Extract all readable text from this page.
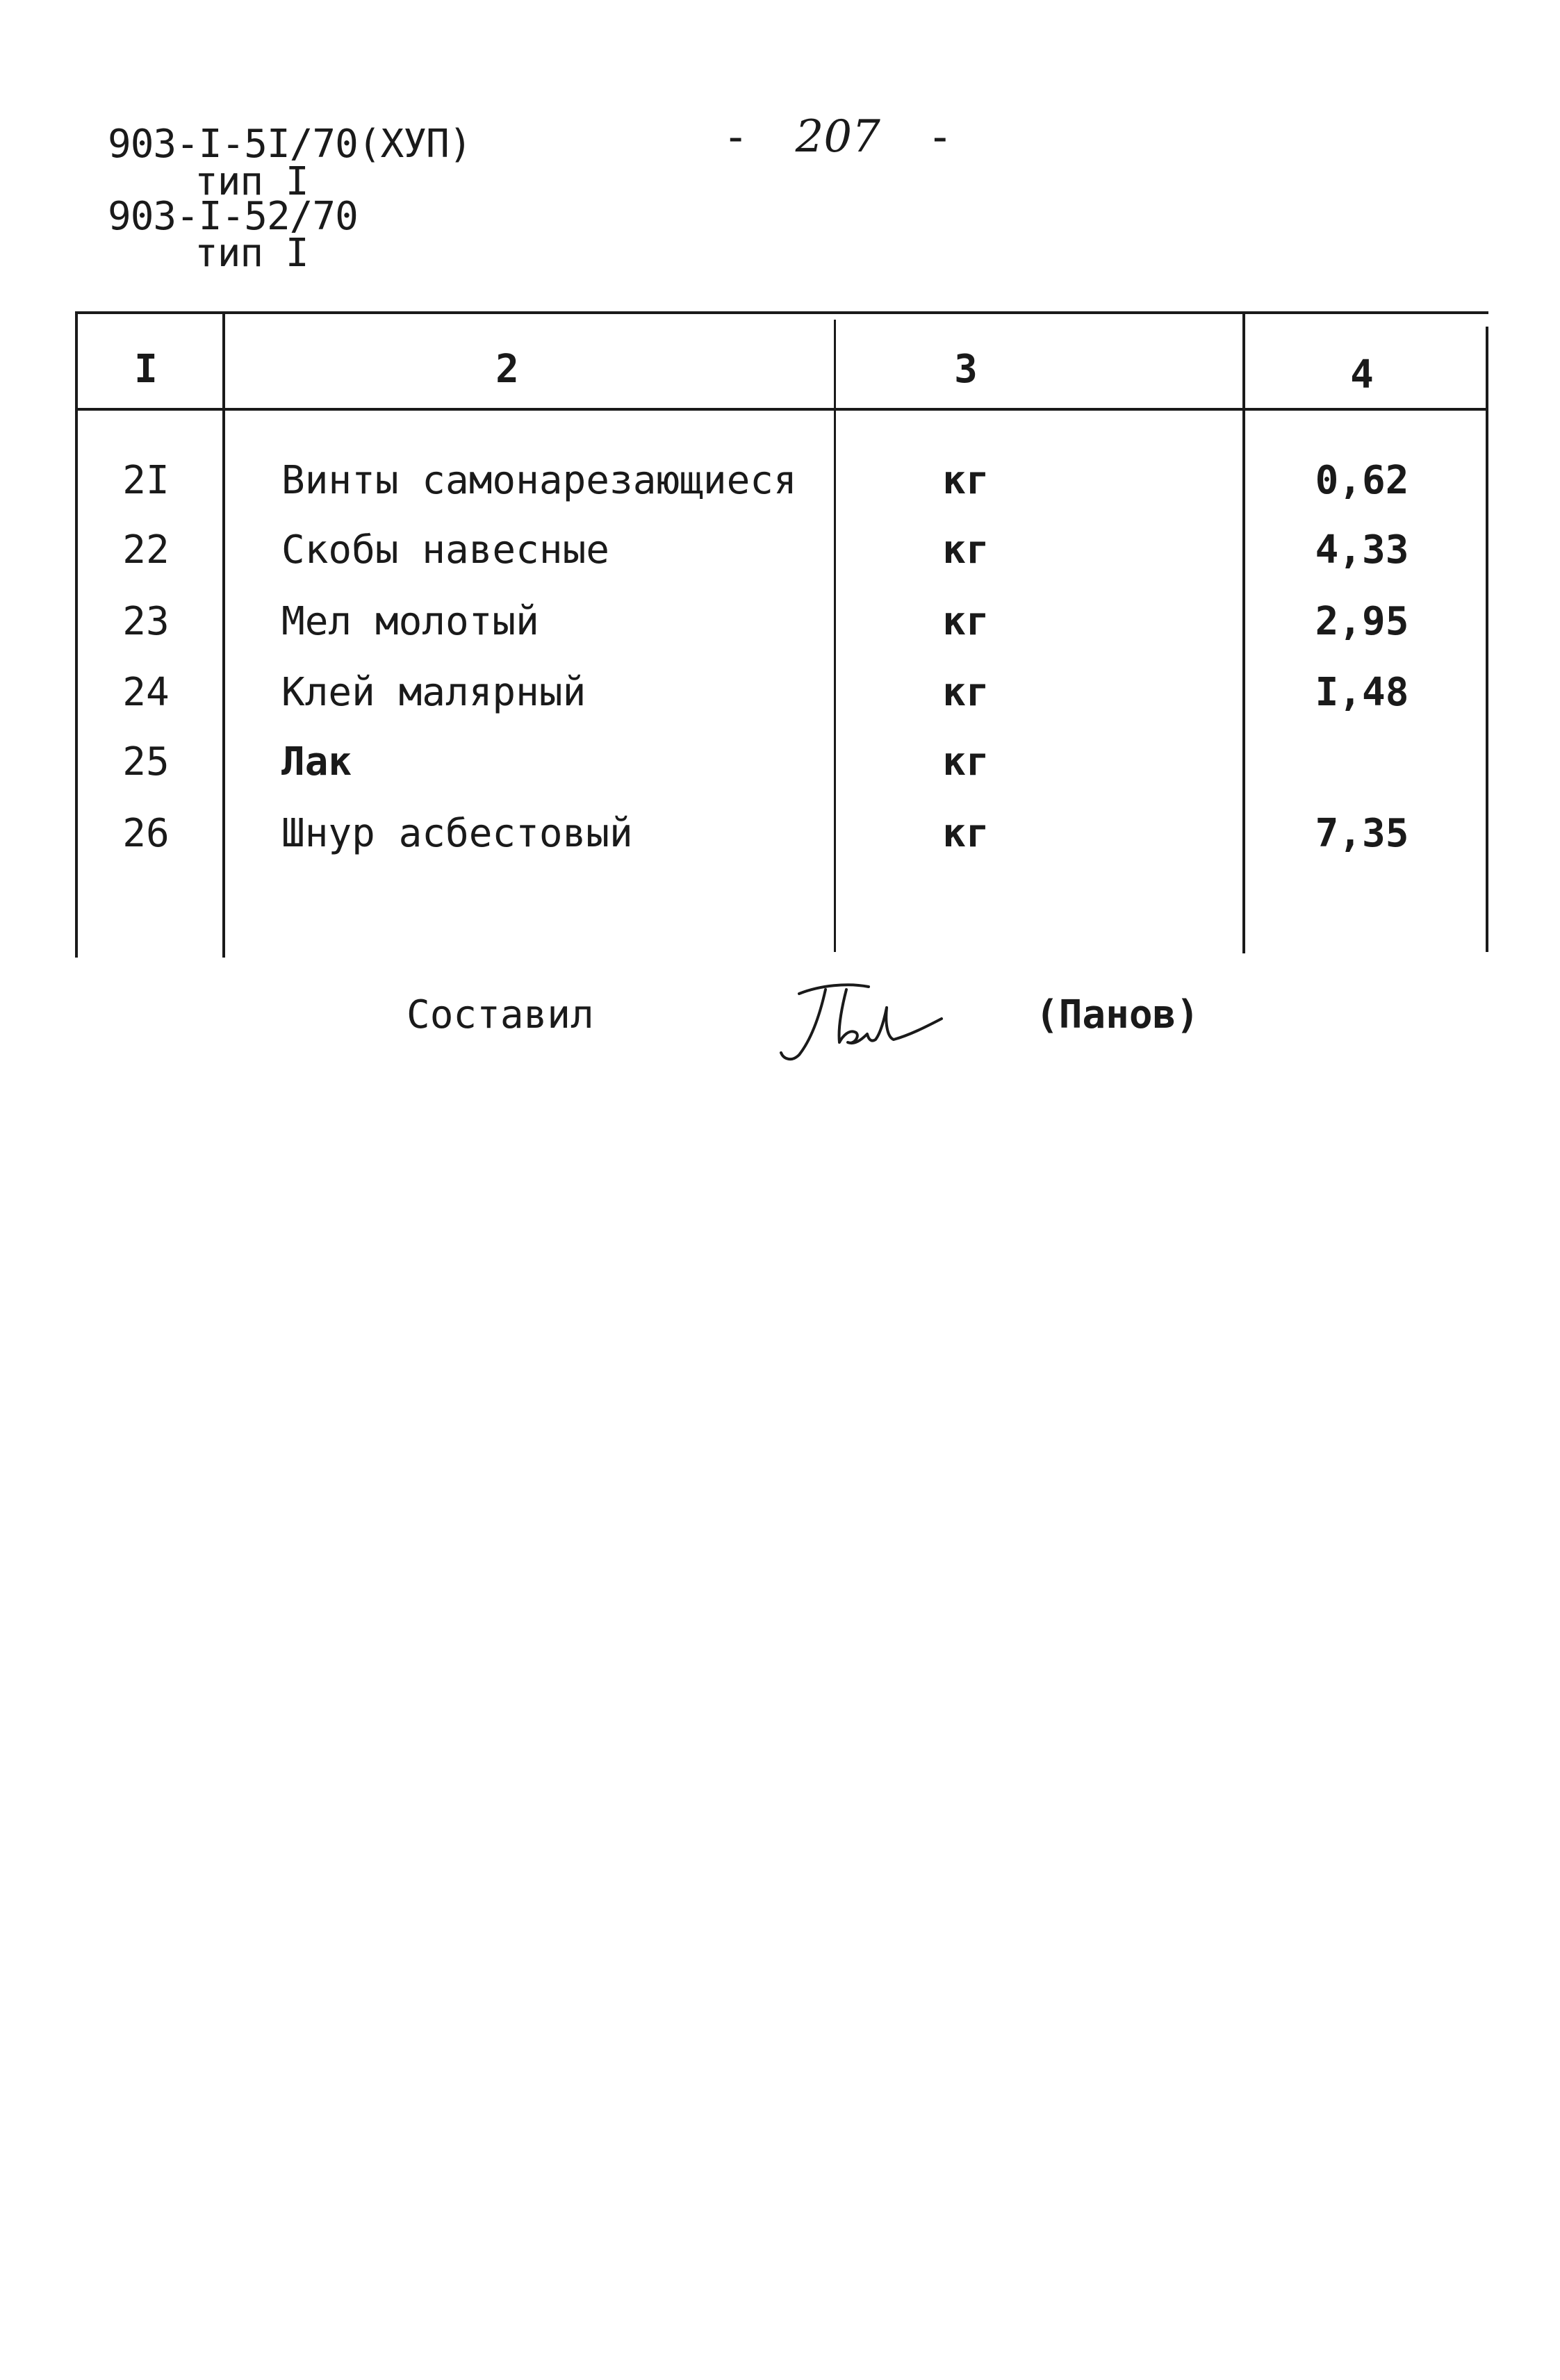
903-I-5I/70(ХУП)
тип I
903-I-52/70
тип I
- 207 -
I	2	3	4
2I	Винты самонарезающиеся	кг	0,62
22	Скобы навесные	кг	4,33
23	Мел молотый	кг	2,95
24	Клей малярный	кг	I,48
25	Лак	кг
26	Шнур асбестовый	кг	7,35
Составил	(Панов)
